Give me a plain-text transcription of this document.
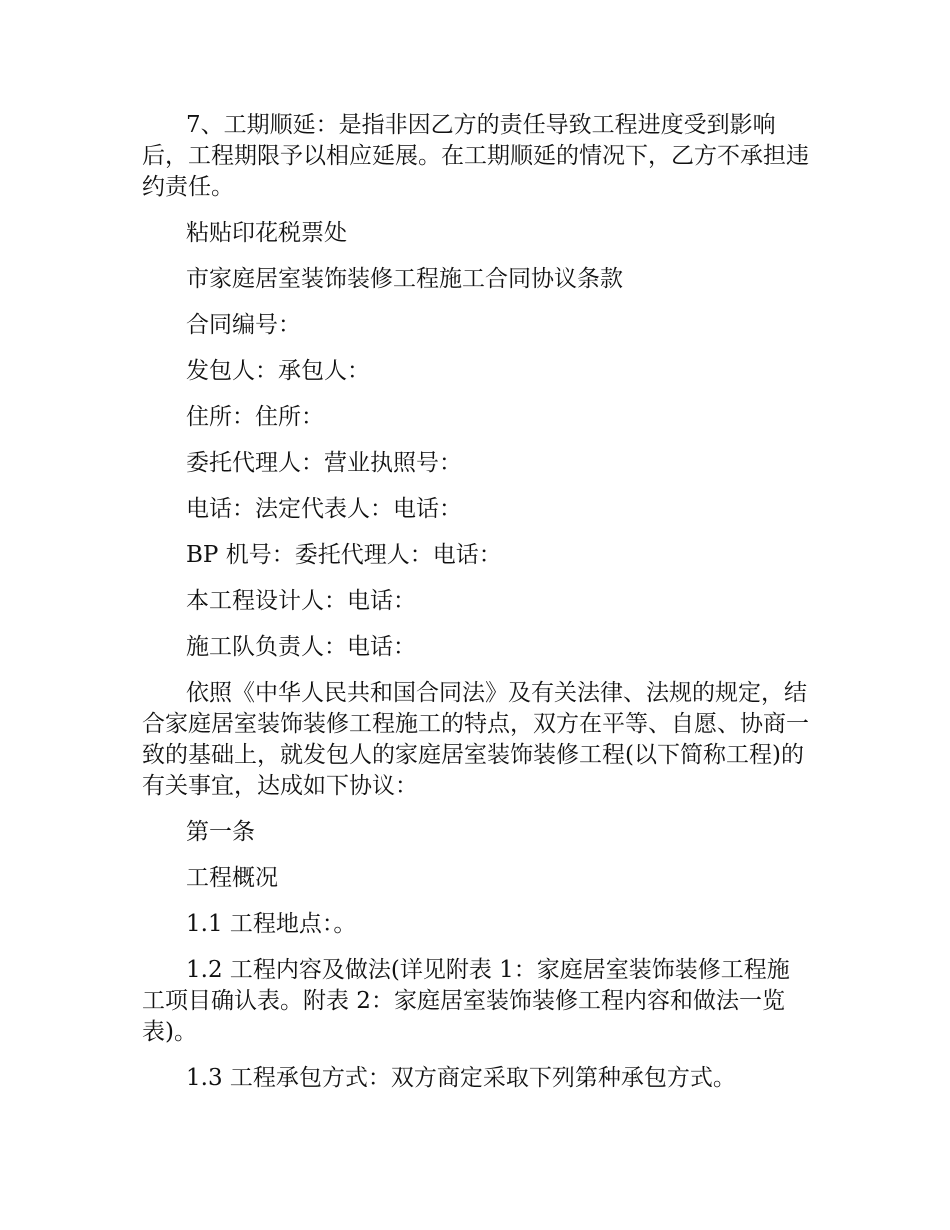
7、工期顺延：是指非因乙方的责任导致工程进度受到影响后，工程期限予以相应延展。在工期顺延的情况下，乙方不承担违约责任。

粘贴印花税票处

市家庭居室装饰装修工程施工合同协议条款

合同编号：

发包人：承包人：

住所：住所：

委托代理人：营业执照号：

电话：法定代表人：电话：

BP 机号：委托代理人：电话：

本工程设计人：电话：

施工队负责人：电话：

依照《中华人民共和国合同法》及有关法律、法规的规定，结合家庭居室装饰装修工程施工的特点，双方在平等、自愿、协商一致的基础上，就发包人的家庭居室装饰装修工程(以下简称工程)的有关事宜，达成如下协议：

第一条

工程概况

1.1 工程地点：。

1.2 工程内容及做法(详见附表 1：家庭居室装饰装修工程施工项目确认表。附表 2：家庭居室装饰装修工程内容和做法一览表)。

1.3 工程承包方式：双方商定采取下列第种承包方式。
